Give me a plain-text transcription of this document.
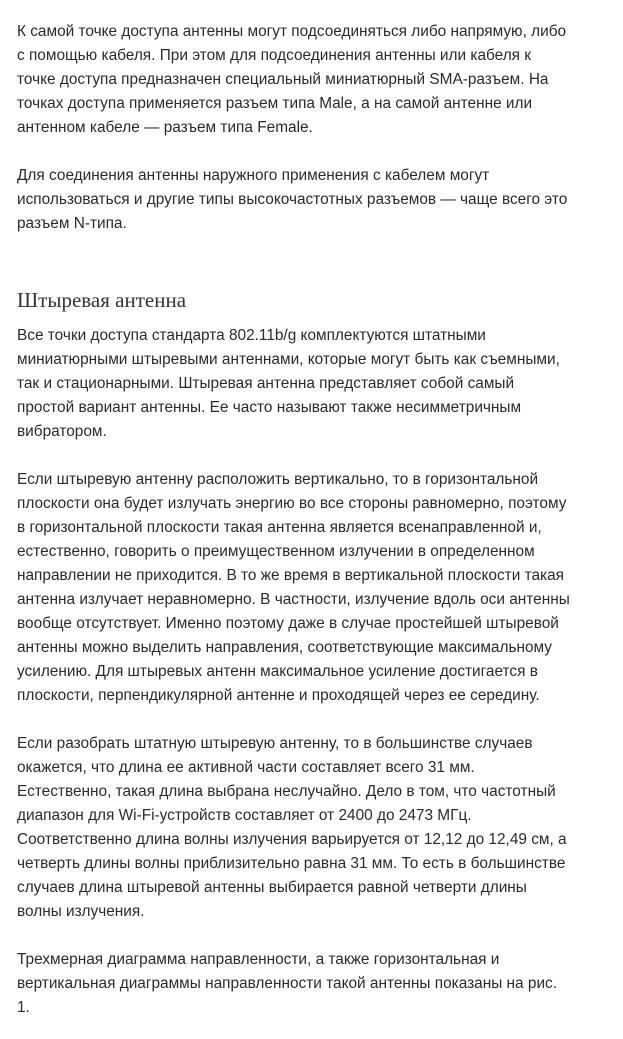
К самой точке доступа антенны могут подсоединяться либо напрямую, либо
с помощью кабеля. При этом для подсоединения антенны или кабеля к
точке доступа предназначен специальный миниатюрный SMA-разъем. На
точках доступа применяется разъем типа Male, а на самой антенне или
антенном кабеле — разъем типа Female.

Для соединения антенны наружного применения с кабелем могут
использоваться и другие типы высокочастотных разъемов — чаще всего это
разъем N-типа.

Штыревая антенна

Все точки доступа стандарта 802.11b/g комплектуются штатными
миниатюрными штыревыми антеннами, которые могут быть как съемными,
так и стационарными. Штыревая антенна представляет собой самый
простой вариант антенны. Ее часто называют также несимметричным
вибратором.

Если штыревую антенну расположить вертикально, то в горизонтальной
плоскости она будет излучать энергию во все стороны равномерно, поэтому
в горизонтальной плоскости такая антенна является всенаправленной и,
естественно, говорить о преимущественном излучении в определенном
направлении не приходится. В то же время в вертикальной плоскости такая
антенна излучает неравномерно. В частности, излучение вдоль оси антенны
вообще отсутствует. Именно поэтому даже в случае простейшей штыревой
антенны можно выделить направления, соответствующие максимальному
усилению. Для штыревых антенн максимальное усиление достигается в
плоскости, перпендикулярной антенне и проходящей через ее середину.

Если разобрать штатную штыревую антенну, то в большинстве случаев
окажется, что длина ее активной части составляет всего 31 мм.
Естественно, такая длина выбрана неслучайно. Дело в том, что частотный
диапазон для Wi-Fi-устройств составляет от 2400 до 2473 МГц.
Соответственно длина волны излучения варьируется от 12,12 до 12,49 см, а
четверть длины волны приблизительно равна 31 мм. То есть в большинстве
случаев длина штыревой антенны выбирается равной четверти длины
волны излучения.

Трехмерная диаграмма направленности, а также горизонтальная и
вертикальная диаграммы направленности такой антенны показаны на рис.
1.
